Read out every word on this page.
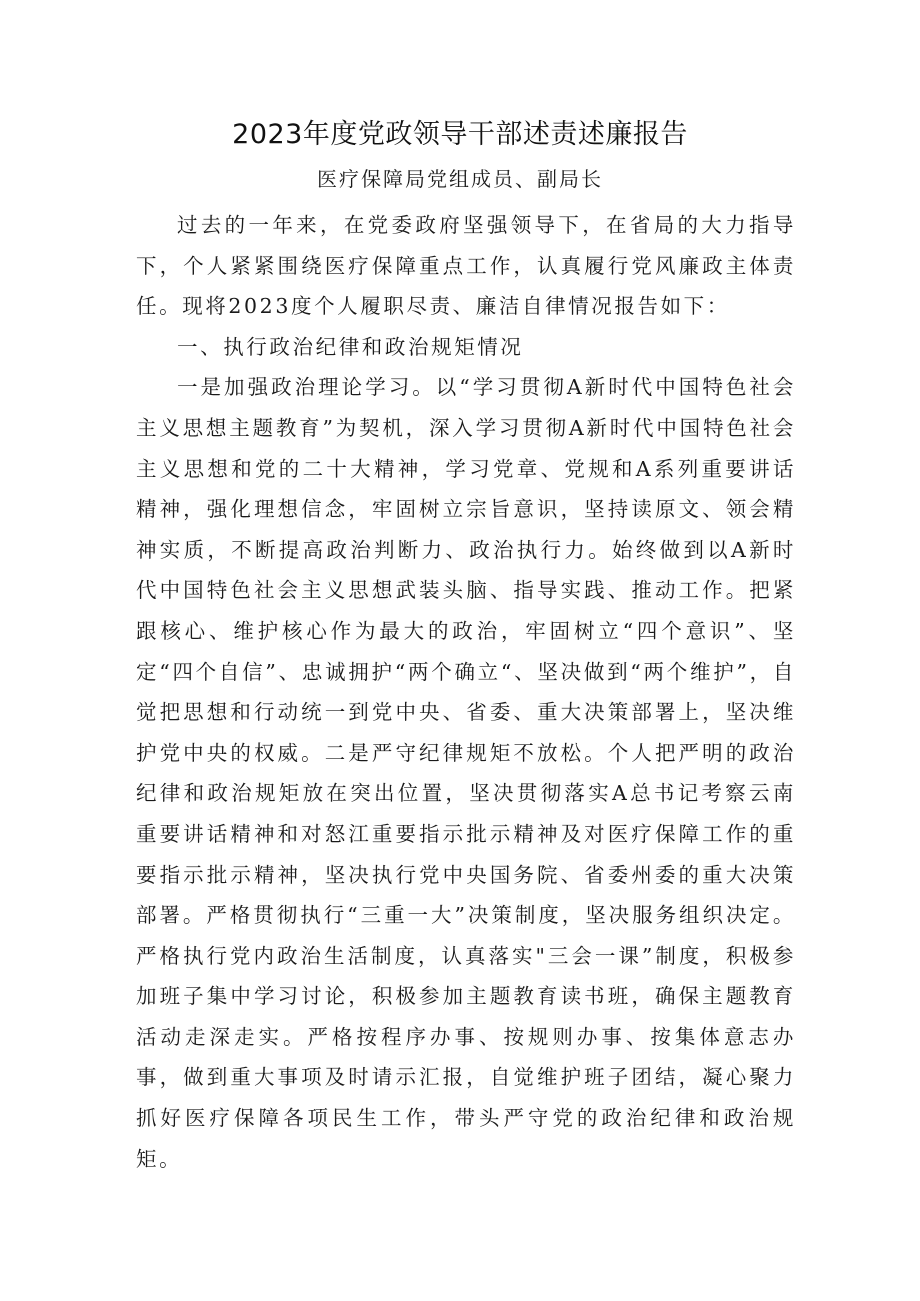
2023年度党政领导干部述责述廉报告
医疗保障局党组成员、副局长

过去的一年来，在党委政府坚强领导下，在省局的大力指导下，个人紧紧围绕医疗保障重点工作，认真履行党风廉政主体责任。现将2023度个人履职尽责、廉洁自律情况报告如下：

一、执行政治纪律和政治规矩情况

一是加强政治理论学习。以“学习贯彻A新时代中国特色社会主义思想主题教育”为契机，深入学习贯彻A新时代中国特色社会主义思想和党的二十大精神，学习党章、党规和A系列重要讲话精神，强化理想信念，牢固树立宗旨意识，坚持读原文、领会精神实质，不断提高政治判断力、政治执行力。始终做到以A新时代中国特色社会主义思想武装头脑、指导实践、推动工作。把紧跟核心、维护核心作为最大的政治，牢固树立“四个意识”、坚定“四个自信”、忠诚拥护“两个确立“、坚决做到“两个维护”，自觉把思想和行动统一到党中央、省委、重大决策部署上，坚决维护党中央的权威。二是严守纪律规矩不放松。个人把严明的政治纪律和政治规矩放在突出位置，坚决贯彻落实A总书记考察云南重要讲话精神和对怒江重要指示批示精神及对医疗保障工作的重要指示批示精神，坚决执行党中央国务院、省委州委的重大决策部署。严格贯彻执行“三重一大”决策制度，坚决服务组织决定。严格执行党内政治生活制度，认真落实"三会一课”制度，积极参加班子集中学习讨论，积极参加主题教育读书班，确保主题教育活动走深走实。严格按程序办事、按规则办事、按集体意志办事，做到重大事项及时请示汇报，自觉维护班子团结，凝心聚力抓好医疗保障各项民生工作，带头严守党的政治纪律和政治规矩。
